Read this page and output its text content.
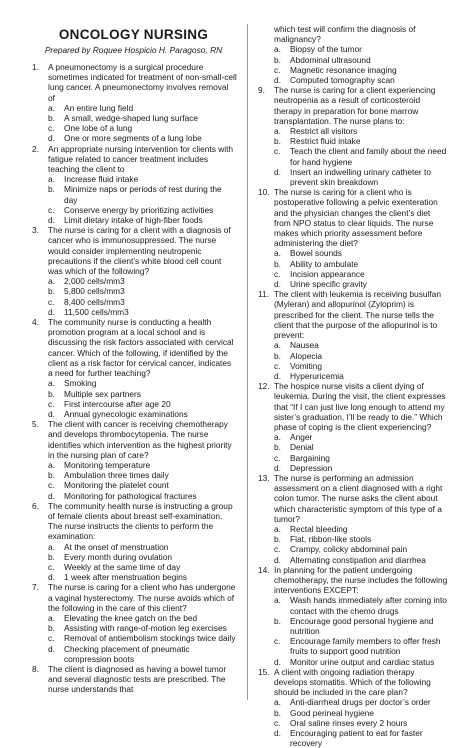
ONCOLOGY NURSING
Prepared by Roquee Hospicio H. Paragoso, RN
1. A pneumonectomy is a surgical procedure sometimes indicated for treatment of non-small-cell lung cancer. A pneumonectomy involves removal of

a. An entire lung field
b. A small, wedge-shaped lung surface
c. One lobe of a lung
d. One or more segments of a lung lobe
2. An appropriate nursing intervention for clients with fatigue related to cancer treatment includes teaching the client to

a. Increase fluid intake
b. Minimize naps or periods of rest during the day
c. Conserve energy by prioritizing activities
d. Limit dietary intake of high-fiber foods
3. The nurse is caring for a client with a diagnosis of cancer who is immunosuppressed. The nurse would consider implementing neutropenic precautions if the client’s white blood cell count was which of the following?

a. 2,000 cells/mm3
b. 5,800 cells/mm3
c. 8,400 cells/mm3
d. 11,500 cells/mm3
4. The community nurse is conducting a health promotion program at a local school and is discussing the risk factors associated with cervical cancer. Which of the following, if identified by the client as a risk factor for cervical cancer, indicates a need for further teaching?

a. Smoking
b. Multiple sex partners
c. First intercourse after age 20
d. Annual gynecologic examinations
5. The client with cancer is receiving chemotherapy and develops thrombocytopenia. The nurse identifies which intervention as the highest priority in the nursing plan of care?

a. Monitoring temperature
b. Ambulation three times daily
c. Monitoring the platelet count
d. Monitoring for pathological fractures
6. The community health nurse is instructing a group of female clients about breast self-examination. The nurse instructs the clients to perform the examination:

a. At the onset of menstruation
b. Every month during ovulation
c. Weekly at the same time of day
d. 1 week after menstruation begins
7. The nurse is caring for a client who has undergone a vaginal hysterectomy. The nurse avoids which of the following in the care of this client?

a. Elevating the knee gatch on the bed
b. Assisting with range-of-motion leg exercises
c. Removal of antiembolism stockings twice daily
d. Checking placement of pneumatic compression boots
8. The client is diagnosed as having a bowel tumor and several diagnostic tests are prescribed. The nurse understands that

which test will confirm the diagnosis of malignancy?
a. Biopsy of the tumor
b. Abdominal ultrasound
c. Magnetic resonance imaging
d. Computed tomography scan
9. The nurse is caring for a client experiencing neutropenia as a result of corticosteroid therapy in preparation for bone marrow transplantation. The nurse plans to:

a. Restrict all visitors
b. Restrict fluid intake
c. Teach the client and family about the need for hand hygiene
d. Insert an indwelling urinary catheter to prevent skin breakdown
10. The nurse is caring for a client who is postoperative following a pelvic exenteration and the physician changes the client’s diet from NPO status to clear liquids. The nurse makes which priority assessment before administering the diet?

a. Bowel sounds
b. Ability to ambulate
c. Incision appearance
d. Urine specific gravity
11. The client with leukemia is receiving busulfan (Myleran) and allopurinol (Zyloprim) is prescribed for the client. The nurse tells the client that the purpose of the allopurinol is to prevent:

a. Nausea
b. Alopecia
c. Vomiting
d. Hyperuricemia
12. The hospice nurse visits a client dying of leukemia. During the visit, the client expresses that “If I can just live long enough to attend my sister’s graduation, I’ll be ready to die.” Which phase of coping is the client experiencing?

a. Anger
b. Denial
c. Bargaining
d. Depression
13. The nurse is performing an admission assessment on a client diagnosed with a right colon tumor. The nurse asks the client about which characteristic symptom of this type of a tumor?

a. Rectal bleeding
b. Flat, ribbon-like stools
c. Crampy, colicky abdominal pain
d. Alternating constipation and diarrhea
14. In planning for the patient undergoing chemotherapy, the nurse includes the following interventions EXCEPT:

a. Wash hands immediately after coming into contact with the chemo drugs
b. Encourage good personal hygiene and nutrition
c. Encourage family members to offer fresh fruits to support good nutrition
d. Monitor urine output and cardiac status
15. A client with ongoing radiation therapy develops stomatitis. Which of the following should be included in the care plan?

a. Anti-diarrheal drugs per doctor’s order
b. Good perineal hygiene
c. Oral saline rinses every 2 hours
d. Encouraging patient to eat for faster recovery
